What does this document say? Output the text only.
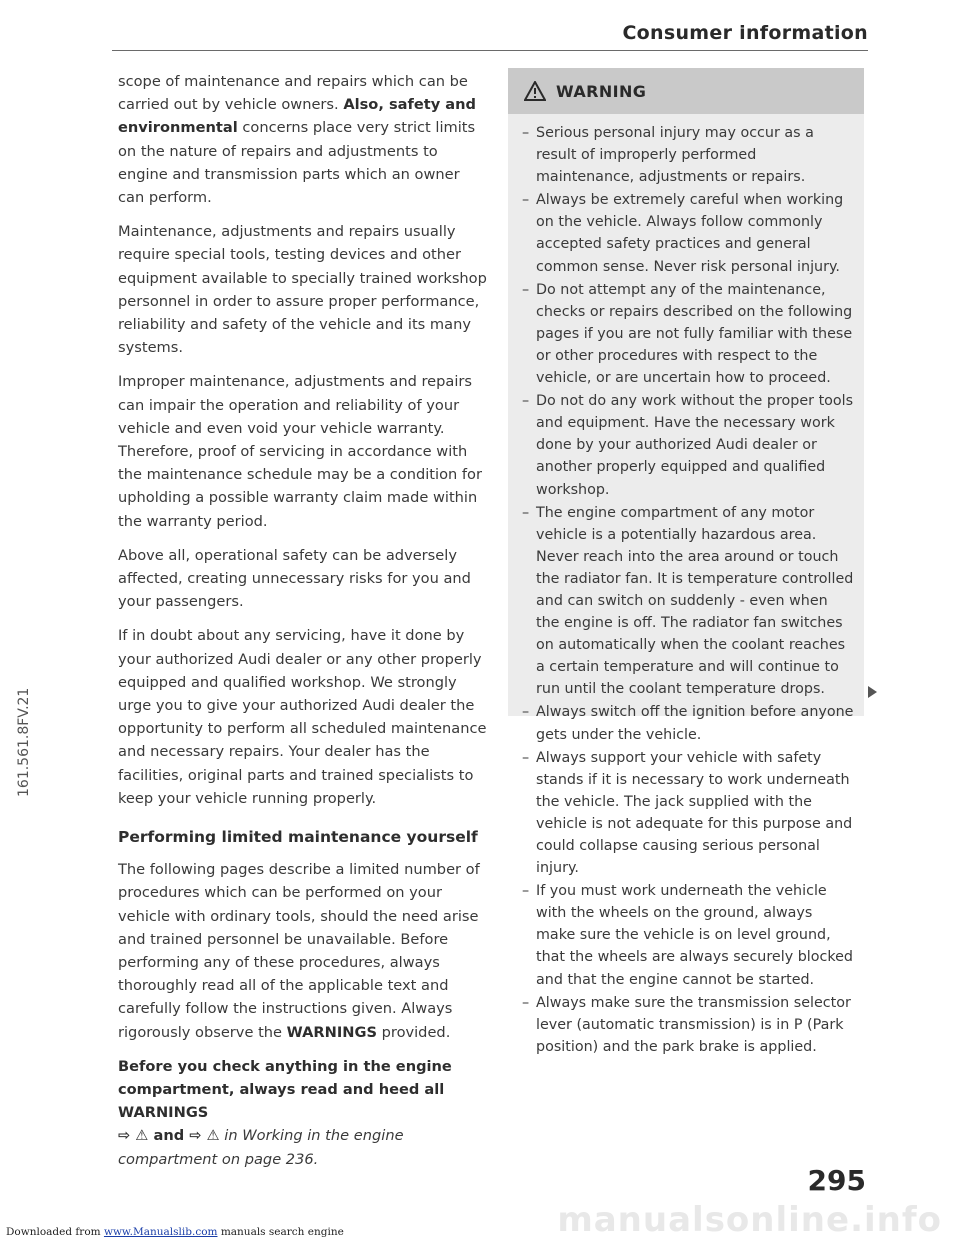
Consumer information

scope of maintenance and repairs which can be carried out by vehicle owners. Also, safety and environmental concerns place very strict limits on the nature of repairs and adjustments to engine and transmission parts which an owner can perform.

Maintenance, adjustments and repairs usually require special tools, testing devices and other equipment available to specially trained workshop personnel in order to assure proper performance, reliability and safety of the vehicle and its many systems.

Improper maintenance, adjustments and repairs can impair the operation and reliability of your vehicle and even void your vehicle warranty. Therefore, proof of servicing in accordance with the maintenance schedule may be a condition for upholding a possible warranty claim made within the warranty period.

Above all, operational safety can be adversely affected, creating unnecessary risks for you and your passengers.

If in doubt about any servicing, have it done by your authorized Audi dealer or any other properly equipped and qualified workshop. We strongly urge you to give your authorized Audi dealer the opportunity to perform all scheduled maintenance and necessary repairs. Your dealer has the facilities, original parts and trained specialists to keep your vehicle running properly.

Performing limited maintenance yourself

The following pages describe a limited number of procedures which can be performed on your vehicle with ordinary tools, should the need arise and trained personnel be unavailable. Before performing any of these procedures, always thoroughly read all of the applicable text and carefully follow the instructions given. Always rigorously observe the WARNINGS provided.

Before you check anything in the engine compartment, always read and heed all WARNINGS
⇨ ⚠ and ⇨ ⚠ in Working in the engine compartment on page 236.
WARNING
– Serious personal injury may occur as a result of improperly performed maintenance, adjustments or repairs.
– Always be extremely careful when working on the vehicle. Always follow commonly accepted safety practices and general common sense. Never risk personal injury.
– Do not attempt any of the maintenance, checks or repairs described on the following pages if you are not fully familiar with these or other procedures with respect to the vehicle, or are uncertain how to proceed.
– Do not do any work without the proper tools and equipment. Have the necessary work done by your authorized Audi dealer or another properly equipped and qualified workshop.
– The engine compartment of any motor vehicle is a potentially hazardous area. Never reach into the area around or touch the radiator fan. It is temperature controlled and can switch on suddenly - even when the engine is off. The radiator fan switches on automatically when the coolant reaches a certain temperature and will continue to run until the coolant temperature drops.
– Always switch off the ignition before anyone gets under the vehicle.
– Always support your vehicle with safety stands if it is necessary to work underneath the vehicle. The jack supplied with the vehicle is not adequate for this purpose and could collapse causing serious personal injury.
– If you must work underneath the vehicle with the wheels on the ground, always make sure the vehicle is on level ground, that the wheels are always securely blocked and that the engine cannot be started.
– Always make sure the transmission selector lever (automatic transmission) is in P (Park position) and the park brake is applied.
161.561.8FV.21
manualsonline.info
295
Downloaded from www.Manualslib.com manuals search engine
